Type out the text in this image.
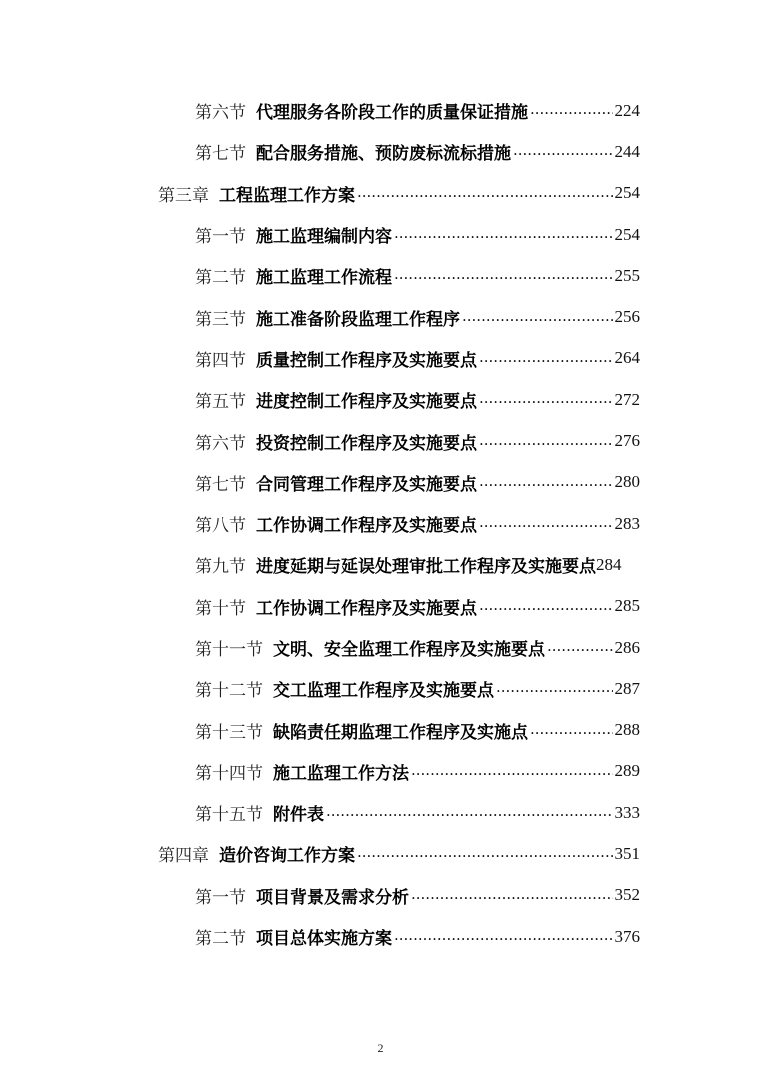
第六节 代理服务各阶段工作的质量保证措施 .....	224
第七节 配合服务措施、预防废标流标措施 .....	244
第三章 工程监理工作方案 .....	254
第一节 施工监理编制内容 .....	254
第二节 施工监理工作流程 .....	255
第三节 施工准备阶段监理工作程序 .....	256
第四节 质量控制工作程序及实施要点 .....	264
第五节 进度控制工作程序及实施要点 .....	272
第六节 投资控制工作程序及实施要点 .....	276
第七节 合同管理工作程序及实施要点 .....	280
第八节 工作协调工作程序及实施要点 .....	283
第九节 进度延期与延误处理审批工作程序及实施要点 284
第十节 工作协调工作程序及实施要点 .....	285
第十一节 文明、安全监理工作程序及实施要点 .....	286
第十二节 交工监理工作程序及实施要点 .....	287
第十三节 缺陷责任期监理工作程序及实施点 .....	288
第十四节 施工监理工作方法 .....	289
第十五节 附件表 .....	333
第四章 造价咨询工作方案 .....	351
第一节 项目背景及需求分析 .....	352
第二节 项目总体实施方案 .....	376
2
